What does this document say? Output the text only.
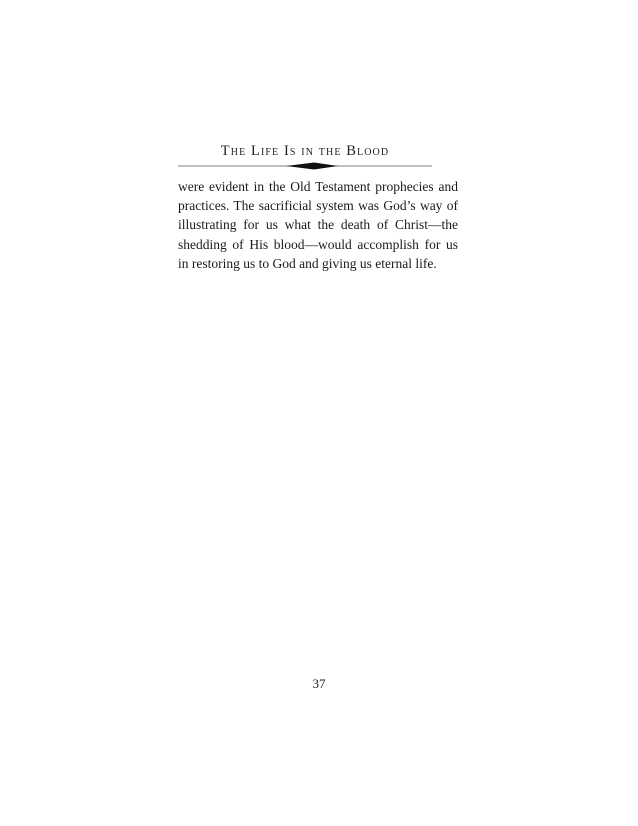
The Life Is in the Blood

were evident in the Old Testament prophecies and practices. The sacrificial system was God’s way of illustrating for us what the death of Christ—the shedding of His blood—would accomplish for us in restoring us to God and giving us eternal life.

37
